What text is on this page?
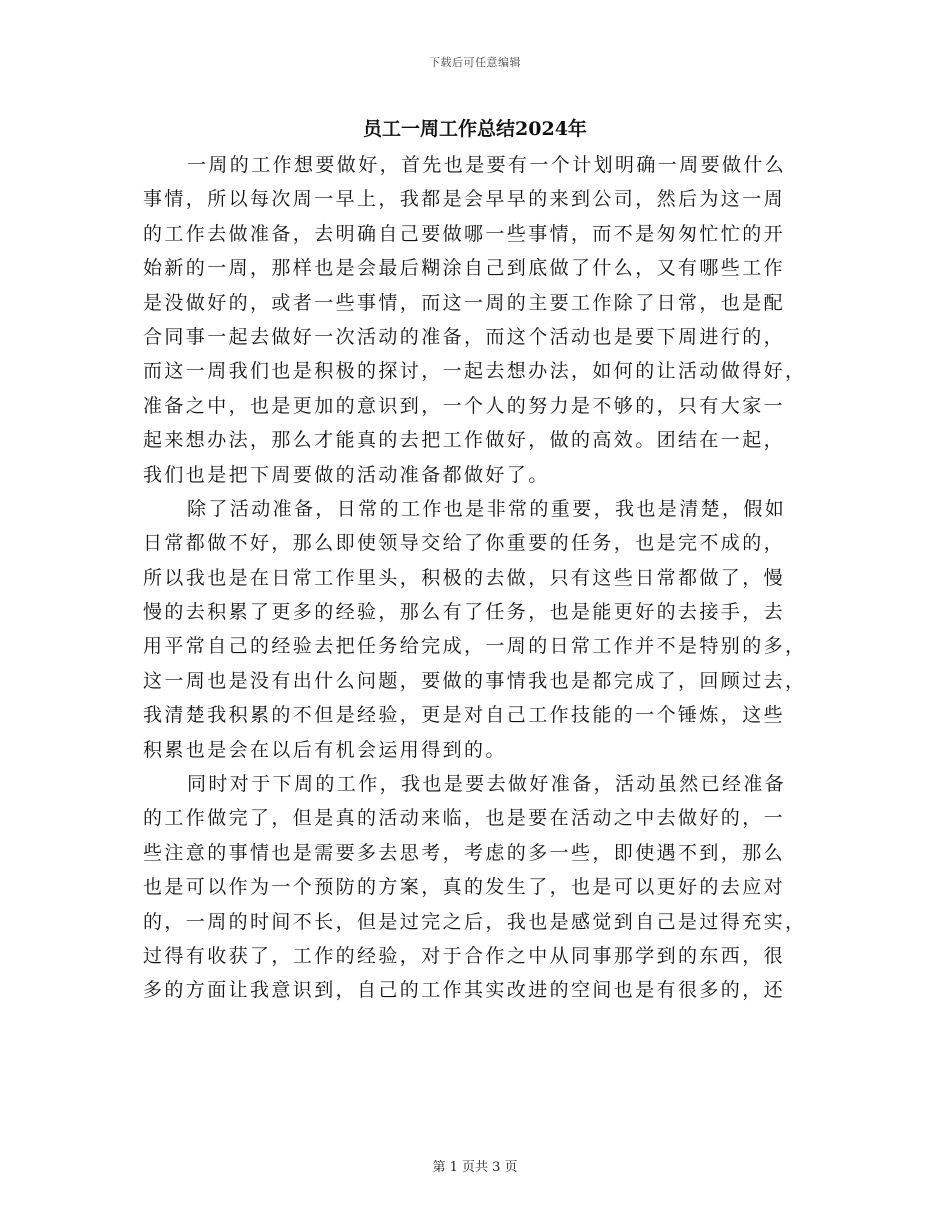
下载后可任意编辑
员工一周工作总结2024年
一周的工作想要做好，首先也是要有一个计划明确一周要做什么
事情，所以每次周一早上，我都是会早早的来到公司，然后为这一周
的工作去做准备，去明确自己要做哪一些事情，而不是匆匆忙忙的开
始新的一周，那样也是会最后糊涂自己到底做了什么，又有哪些工作
是没做好的，或者一些事情，而这一周的主要工作除了日常，也是配
合同事一起去做好一次活动的准备，而这个活动也是要下周进行的，
而这一周我们也是积极的探讨，一起去想办法，如何的让活动做得好，
准备之中，也是更加的意识到，一个人的努力是不够的，只有大家一
起来想办法，那么才能真的去把工作做好，做的高效。团结在一起，
我们也是把下周要做的活动准备都做好了。
除了活动准备，日常的工作也是非常的重要，我也是清楚，假如
日常都做不好，那么即使领导交给了你重要的任务，也是完不成的，
所以我也是在日常工作里头，积极的去做，只有这些日常都做了，慢
慢的去积累了更多的经验，那么有了任务，也是能更好的去接手，去
用平常自己的经验去把任务给完成，一周的日常工作并不是特别的多，
这一周也是没有出什么问题，要做的事情我也是都完成了，回顾过去，
我清楚我积累的不但是经验，更是对自己工作技能的一个锤炼，这些
积累也是会在以后有机会运用得到的。
同时对于下周的工作，我也是要去做好准备，活动虽然已经准备
的工作做完了，但是真的活动来临，也是要在活动之中去做好的，一
些注意的事情也是需要多去思考，考虑的多一些，即使遇不到，那么
也是可以作为一个预防的方案，真的发生了，也是可以更好的去应对
的，一周的时间不长，但是过完之后，我也是感觉到自己是过得充实，
过得有收获了，工作的经验，对于合作之中从同事那学到的东西，很
多的方面让我意识到，自己的工作其实改进的空间也是有很多的，还
第 1 页共 3 页
